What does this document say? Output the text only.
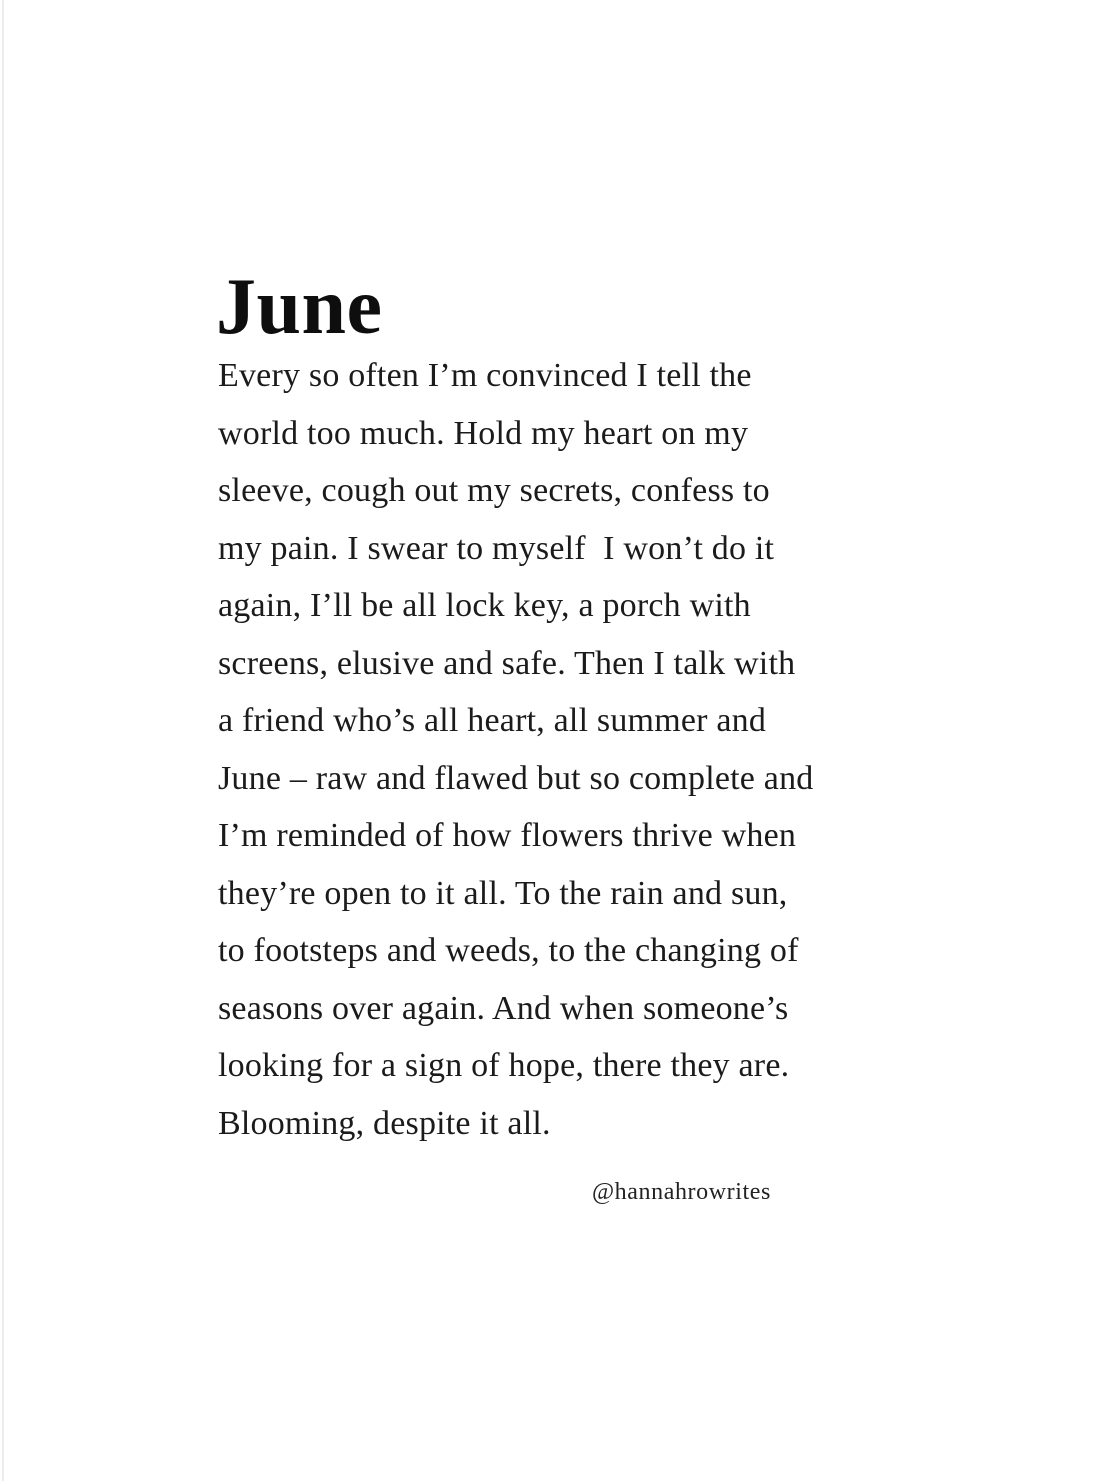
June
Every so often I’m convinced I tell the
world too much. Hold my heart on my
sleeve, cough out my secrets, confess to
my pain. I swear to myself  I won’t do it
again, I’ll be all lock key, a porch with
screens, elusive and safe. Then I talk with
a friend who’s all heart, all summer and
June – raw and flawed but so complete and
I’m reminded of how flowers thrive when
they’re open to it all. To the rain and sun,
to footsteps and weeds, to the changing of
seasons over again. And when someone’s
looking for a sign of hope, there they are.
Blooming, despite it all.
@hannahrowrites
